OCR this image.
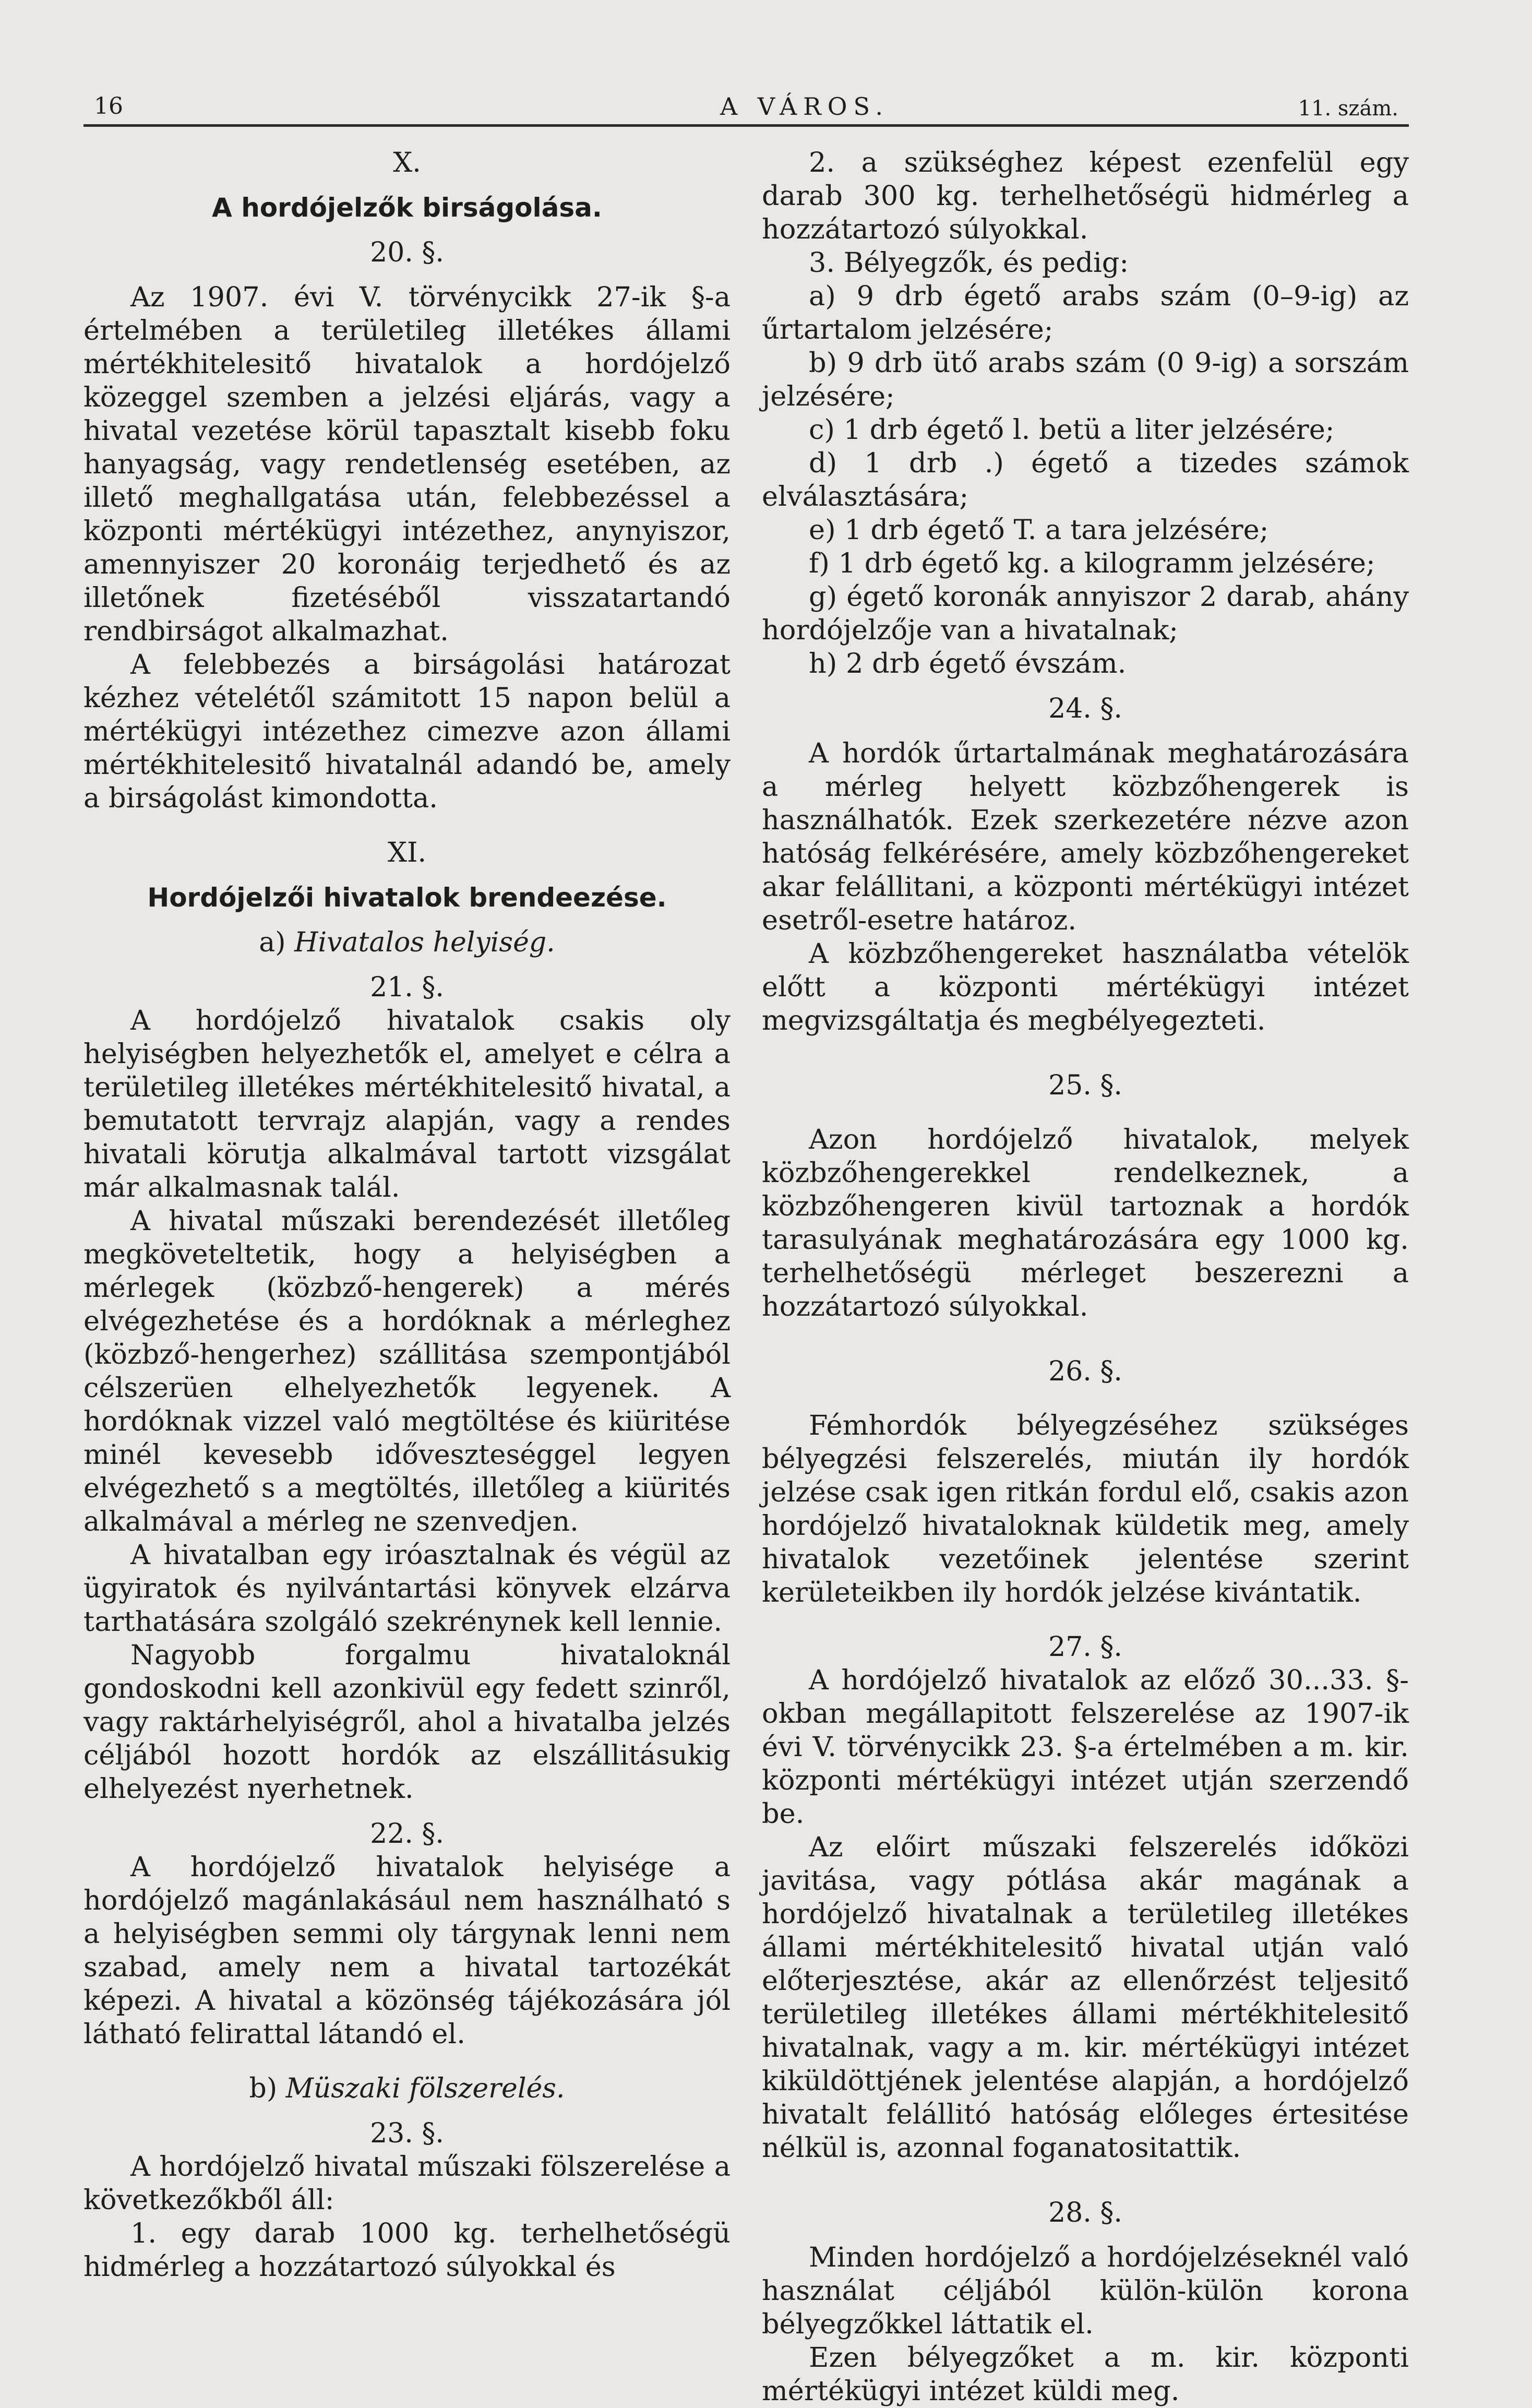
16	A VÁROS.	11. szám.
X.
A hordójelzők birságolása.
20. §.

Az 1907. évi V. törvénycikk 27-ik §-a értelmében a területileg illetékes állami mértékhitelesitő hivatalok a hordójelző közeggel szemben a jelzési eljárás, vagy a hivatal vezetése körül tapasztalt kisebb foku hanyagság, vagy rendetlenség esetében, az illető meghallgatása után, felebbezéssel a központi mértékügyi intézethez, anynyiszor, amennyiszer 20 koronáig terjedhető és az illetőnek fizetéséből visszatartandó rendbirságot alkalmazhat.

A felebbezés a birságolási határozat kézhez vételétől számitott 15 napon belül a mértékügyi intézethez cimezve azon állami mértékhitelesitő hivatalnál adandó be, amely a birságolást kimondotta.

XI.
Hordójelzői hivatalok brendeezése.
a) Hivatalos helyiség.
21. §.

A hordójelző hivatalok csakis oly helyiségben helyezhetők el, amelyet e célra a területileg illetékes mértékhitelesitő hivatal, a bemutatott tervrajz alapján, vagy a rendes hivatali körutja alkalmával tartott vizsgálat már alkalmasnak talál.

A hivatal műszaki berendezését illetőleg megköveteltetik, hogy a helyiségben a mérlegek (közbző-hengerek) a mérés elvégezhetése és a hordóknak a mérleghez (közbző-hengerhez) szállitása szempontjából célszerüen elhelyezhetők legyenek. A hordóknak vizzel való megtöltése és kiüritése minél kevesebb időveszteséggel legyen elvégezhető s a megtöltés, illetőleg a kiürités alkalmával a mérleg ne szenvedjen.

A hivatalban egy iróasztalnak és végül az ügyiratok és nyilvántartási könyvek elzárva tarthatására szolgáló szekrénynek kell lennie.

Nagyobb forgalmu hivataloknál gondoskodni kell azonkivül egy fedett szinről, vagy raktárhelyiségről, ahol a hivatalba jelzés céljából hozott hordók az elszállitásukig elhelyezést nyerhetnek.

22. §.

A hordójelző hivatalok helyisége a hordójelző magánlakásául nem használható s a helyiségben semmi oly tárgynak lenni nem szabad, amely nem a hivatal tartozékát képezi. A hivatal a közönség tájékozására jól látható felirattal látandó el.

b) Müszaki fölszerelés.
23. §.

A hordójelző hivatal műszaki fölszerelése a következőkből áll:

1. egy darab 1000 kg. terhelhetőségü hidmérleg a hozzátartozó súlyokkal és

2. a szükséghez képest ezenfelül egy darab 300 kg. terhelhetőségü hidmérleg a hozzátartozó súlyokkal.

3. Bélyegzők, és pedig:

a) 9 drb égető arabs szám (0–9-ig) az űrtartalom jelzésére;

b) 9 drb ütő arabs szám (0 9-ig) a sorszám jelzésére;

c) 1 drb égető l. betü a liter jelzésére;

d) 1 drb .) égető a tizedes számok elválasztására;

e) 1 drb égető T. a tara jelzésére;

f) 1 drb égető kg. a kilogramm jelzésére;

g) égető koronák annyiszor 2 darab, ahány hordójelzője van a hivatalnak;

h) 2 drb égető évszám.

24. §.

A hordók űrtartalmának meghatározására a mérleg helyett közbzőhengerek is használhatók. Ezek szerkezetére nézve azon hatóság felkérésére, amely közbzőhengereket akar felállitani, a központi mértékügyi intézet esetről-esetre határoz.

A közbzőhengereket használatba vételök előtt a központi mértékügyi intézet megvizsgáltatja és megbélyegezteti.

25. §.

Azon hordójelző hivatalok, melyek közbzőhengerekkel rendelkeznek, a közbzőhengeren kivül tartoznak a hordók tarasulyának meghatározására egy 1000 kg. terhelhetőségü mérleget beszerezni a hozzátartozó súlyokkal.

26. §.

Fémhordók bélyegzéséhez szükséges bélyegzési felszerelés, miután ily hordók jelzése csak igen ritkán fordul elő, csakis azon hordójelző hivataloknak küldetik meg, amely hivatalok vezetőinek jelentése szerint kerületeikben ily hordók jelzése kivántatik.

27. §.

A hordójelző hivatalok az előző 30...33. §-okban megállapitott felszerelése az 1907-ik évi V. törvénycikk 23. §-a értelmében a m. kir. központi mértékügyi intézet utján szerzendő be.

Az előirt műszaki felszerelés időközi javitása, vagy pótlása akár magának a hordójelző hivatalnak a területileg illetékes állami mértékhitelesitő hivatal utján való előterjesztése, akár az ellenőrzést teljesitő területileg illetékes állami mértékhitelesitő hivatalnak, vagy a m. kir. mértékügyi intézet kiküldöttjének jelentése alapján, a hordójelző hivatalt felállitó hatóság előleges értesitése nélkül is, azonnal foganatositattik.

28. §.

Minden hordójelző a hordójelzéseknél való használat céljából külön-külön korona bélyegzőkkel láttatik el.

Ezen bélyegzőket a m. kir. központi mértékügyi intézet küldi meg.
